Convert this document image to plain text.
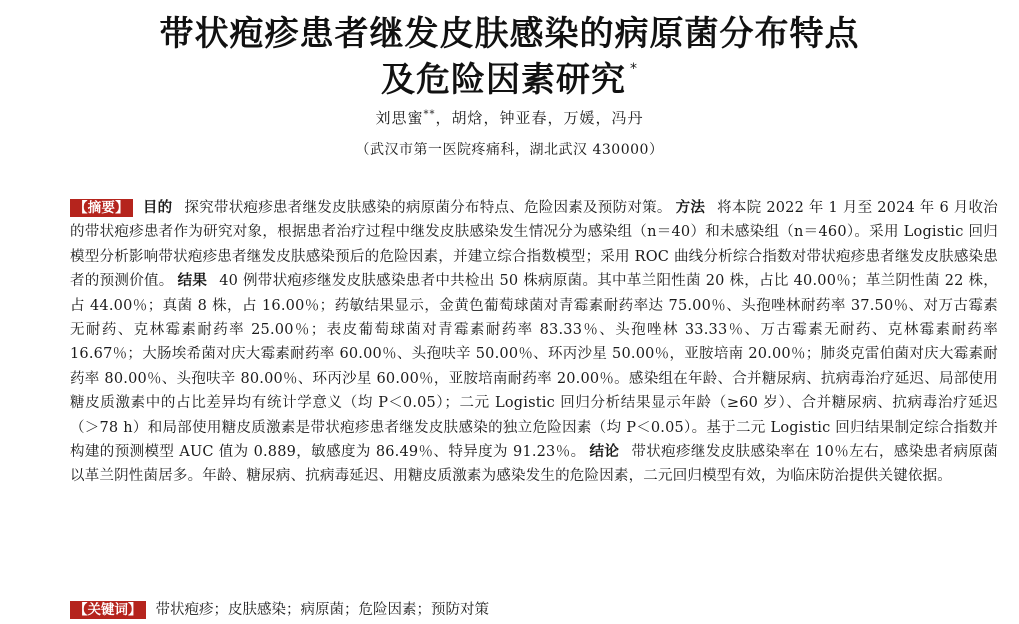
带状疱疹患者继发皮肤感染的病原菌分布特点
及危险因素研究 *
刘思蜜**，胡焓，钟亚春，万媛，冯丹
（武汉市第一医院疼痛科，湖北武汉 430000）
【摘要】 目的 探究带状疱疹患者继发皮肤感染的病原菌分布特点、危险因素及预防对策。 方法 将本院 2022 年 1 月至 2024 年 6 月收治的带状疱疹患者作为研究对象，根据患者治疗过程中继发皮肤感染发生情况分为感染组（n＝40）和未感染组（n＝460）。采用 Logistic 回归模型分析影响带状疱疹患者继发皮肤感染预后的危险因素，并建立综合指数模型；采用 ROC 曲线分析综合指数对带状疱疹患者继发皮肤感染患者的预测价值。 结果 40 例带状疱疹继发皮肤感染患者中共检出 50 株病原菌。其中革兰阳性菌 20 株，占比 40.00％；革兰阴性菌 22 株，占 44.00％；真菌 8 株，占 16.00％；药敏结果显示，金黄色葡萄球菌对青霉素耐药率达 75.00％、头孢唑林耐药率 37.50％、对万古霉素无耐药、克林霉素耐药率 25.00％；表皮葡萄球菌对青霉素耐药率 83.33％、头孢唑林 33.33％、万古霉素无耐药、克林霉素耐药率 16.67％；大肠埃希菌对庆大霉素耐药率 60.00％、头孢呋辛 50.00％、环丙沙星 50.00％，亚胺培南 20.00％；肺炎克雷伯菌对庆大霉素耐药率 80.00％、头孢呋辛 80.00％、环丙沙星 60.00％，亚胺培南耐药率 20.00％。感染组在年龄、合并糖尿病、抗病毒治疗延迟、局部使用糖皮质激素中的占比差异均有统计学意义（均 P＜0.05）；二元 Logistic 回归分析结果显示年龄（≥60 岁）、合并糖尿病、抗病毒治疗延迟（＞78 h）和局部使用糖皮质激素是带状疱疹患者继发皮肤感染的独立危险因素（均 P＜0.05）。基于二元 Logistic 回归结果制定综合指数并构建的预测模型 AUC 值为 0.889，敏感度为 86.49％、特异度为 91.23％。 结论 带状疱疹继发皮肤感染率在 10％左右，感染患者病原菌以革兰阴性菌居多。年龄、糖尿病、抗病毒延迟、用糖皮质激素为感染发生的危险因素，二元回归模型有效，为临床防治提供关键依据。
【关键词】 带状疱疹；皮肤感染；病原菌；危险因素；预防对策
